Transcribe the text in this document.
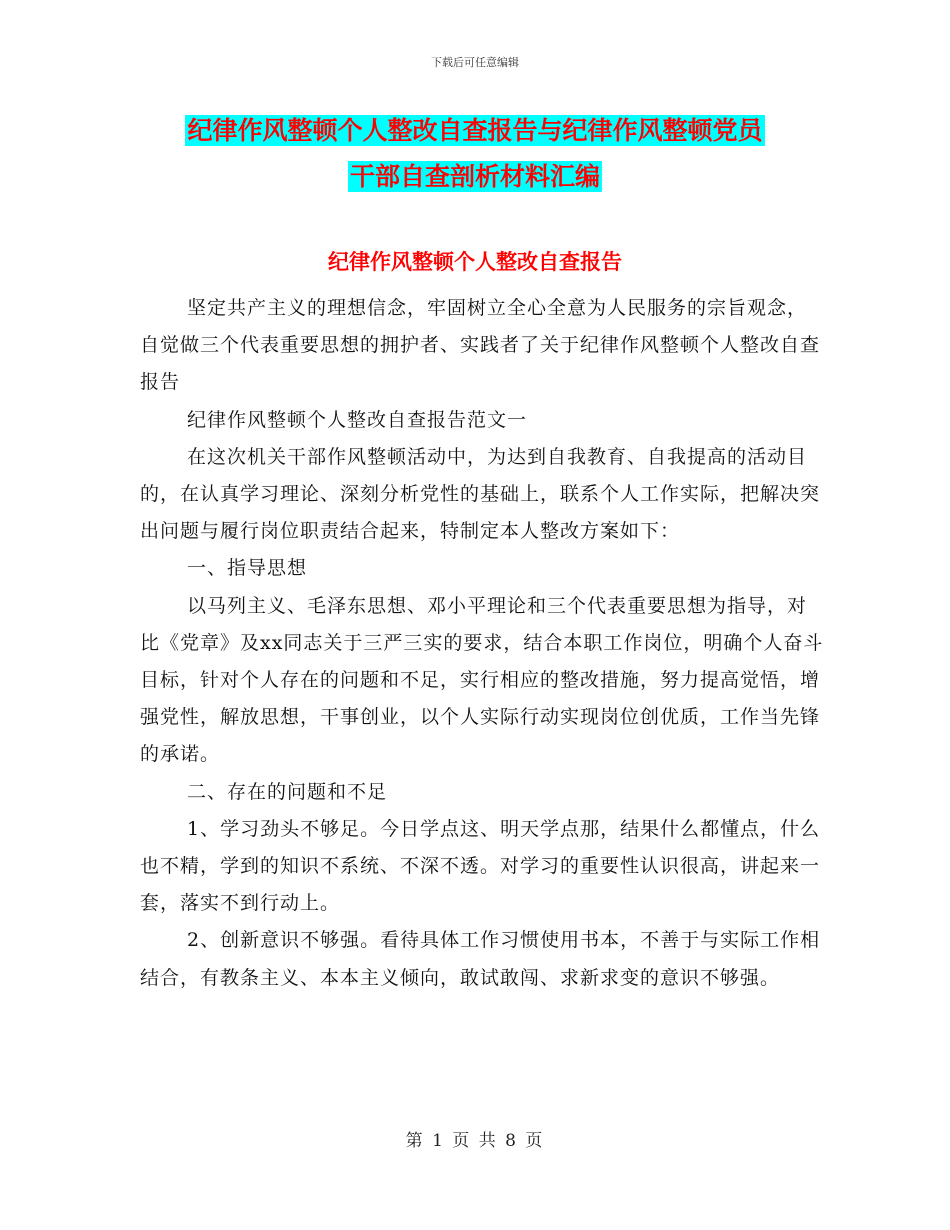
下载后可任意编辑
纪律作风整顿个人整改自查报告与纪律作风整顿党员
干部自查剖析材料汇编
纪律作风整顿个人整改自查报告

坚定共产主义的理想信念，牢固树立全心全意为人民服务的宗旨观念，自觉做三个代表重要思想的拥护者、实践者了关于纪律作风整顿个人整改自查报告

纪律作风整顿个人整改自查报告范文一

在这次机关干部作风整顿活动中，为达到自我教育、自我提高的活动目的，在认真学习理论、深刻分析党性的基础上，联系个人工作实际，把解决突出问题与履行岗位职责结合起来，特制定本人整改方案如下：

一、指导思想

以马列主义、毛泽东思想、邓小平理论和三个代表重要思想为指导，对比《党章》及xx同志关于三严三实的要求，结合本职工作岗位，明确个人奋斗目标，针对个人存在的问题和不足，实行相应的整改措施，努力提高觉悟，增强党性，解放思想，干事创业，以个人实际行动实现岗位创优质，工作当先锋的承诺。

二、存在的问题和不足

1、学习劲头不够足。今日学点这、明天学点那，结果什么都懂点，什么也不精，学到的知识不系统、不深不透。对学习的重要性认识很高，讲起来一套，落实不到行动上。

2、创新意识不够强。看待具体工作习惯使用书本，不善于与实际工作相结合，有教条主义、本本主义倾向，敢试敢闯、求新求变的意识不够强。

第 1 页 共 8 页
